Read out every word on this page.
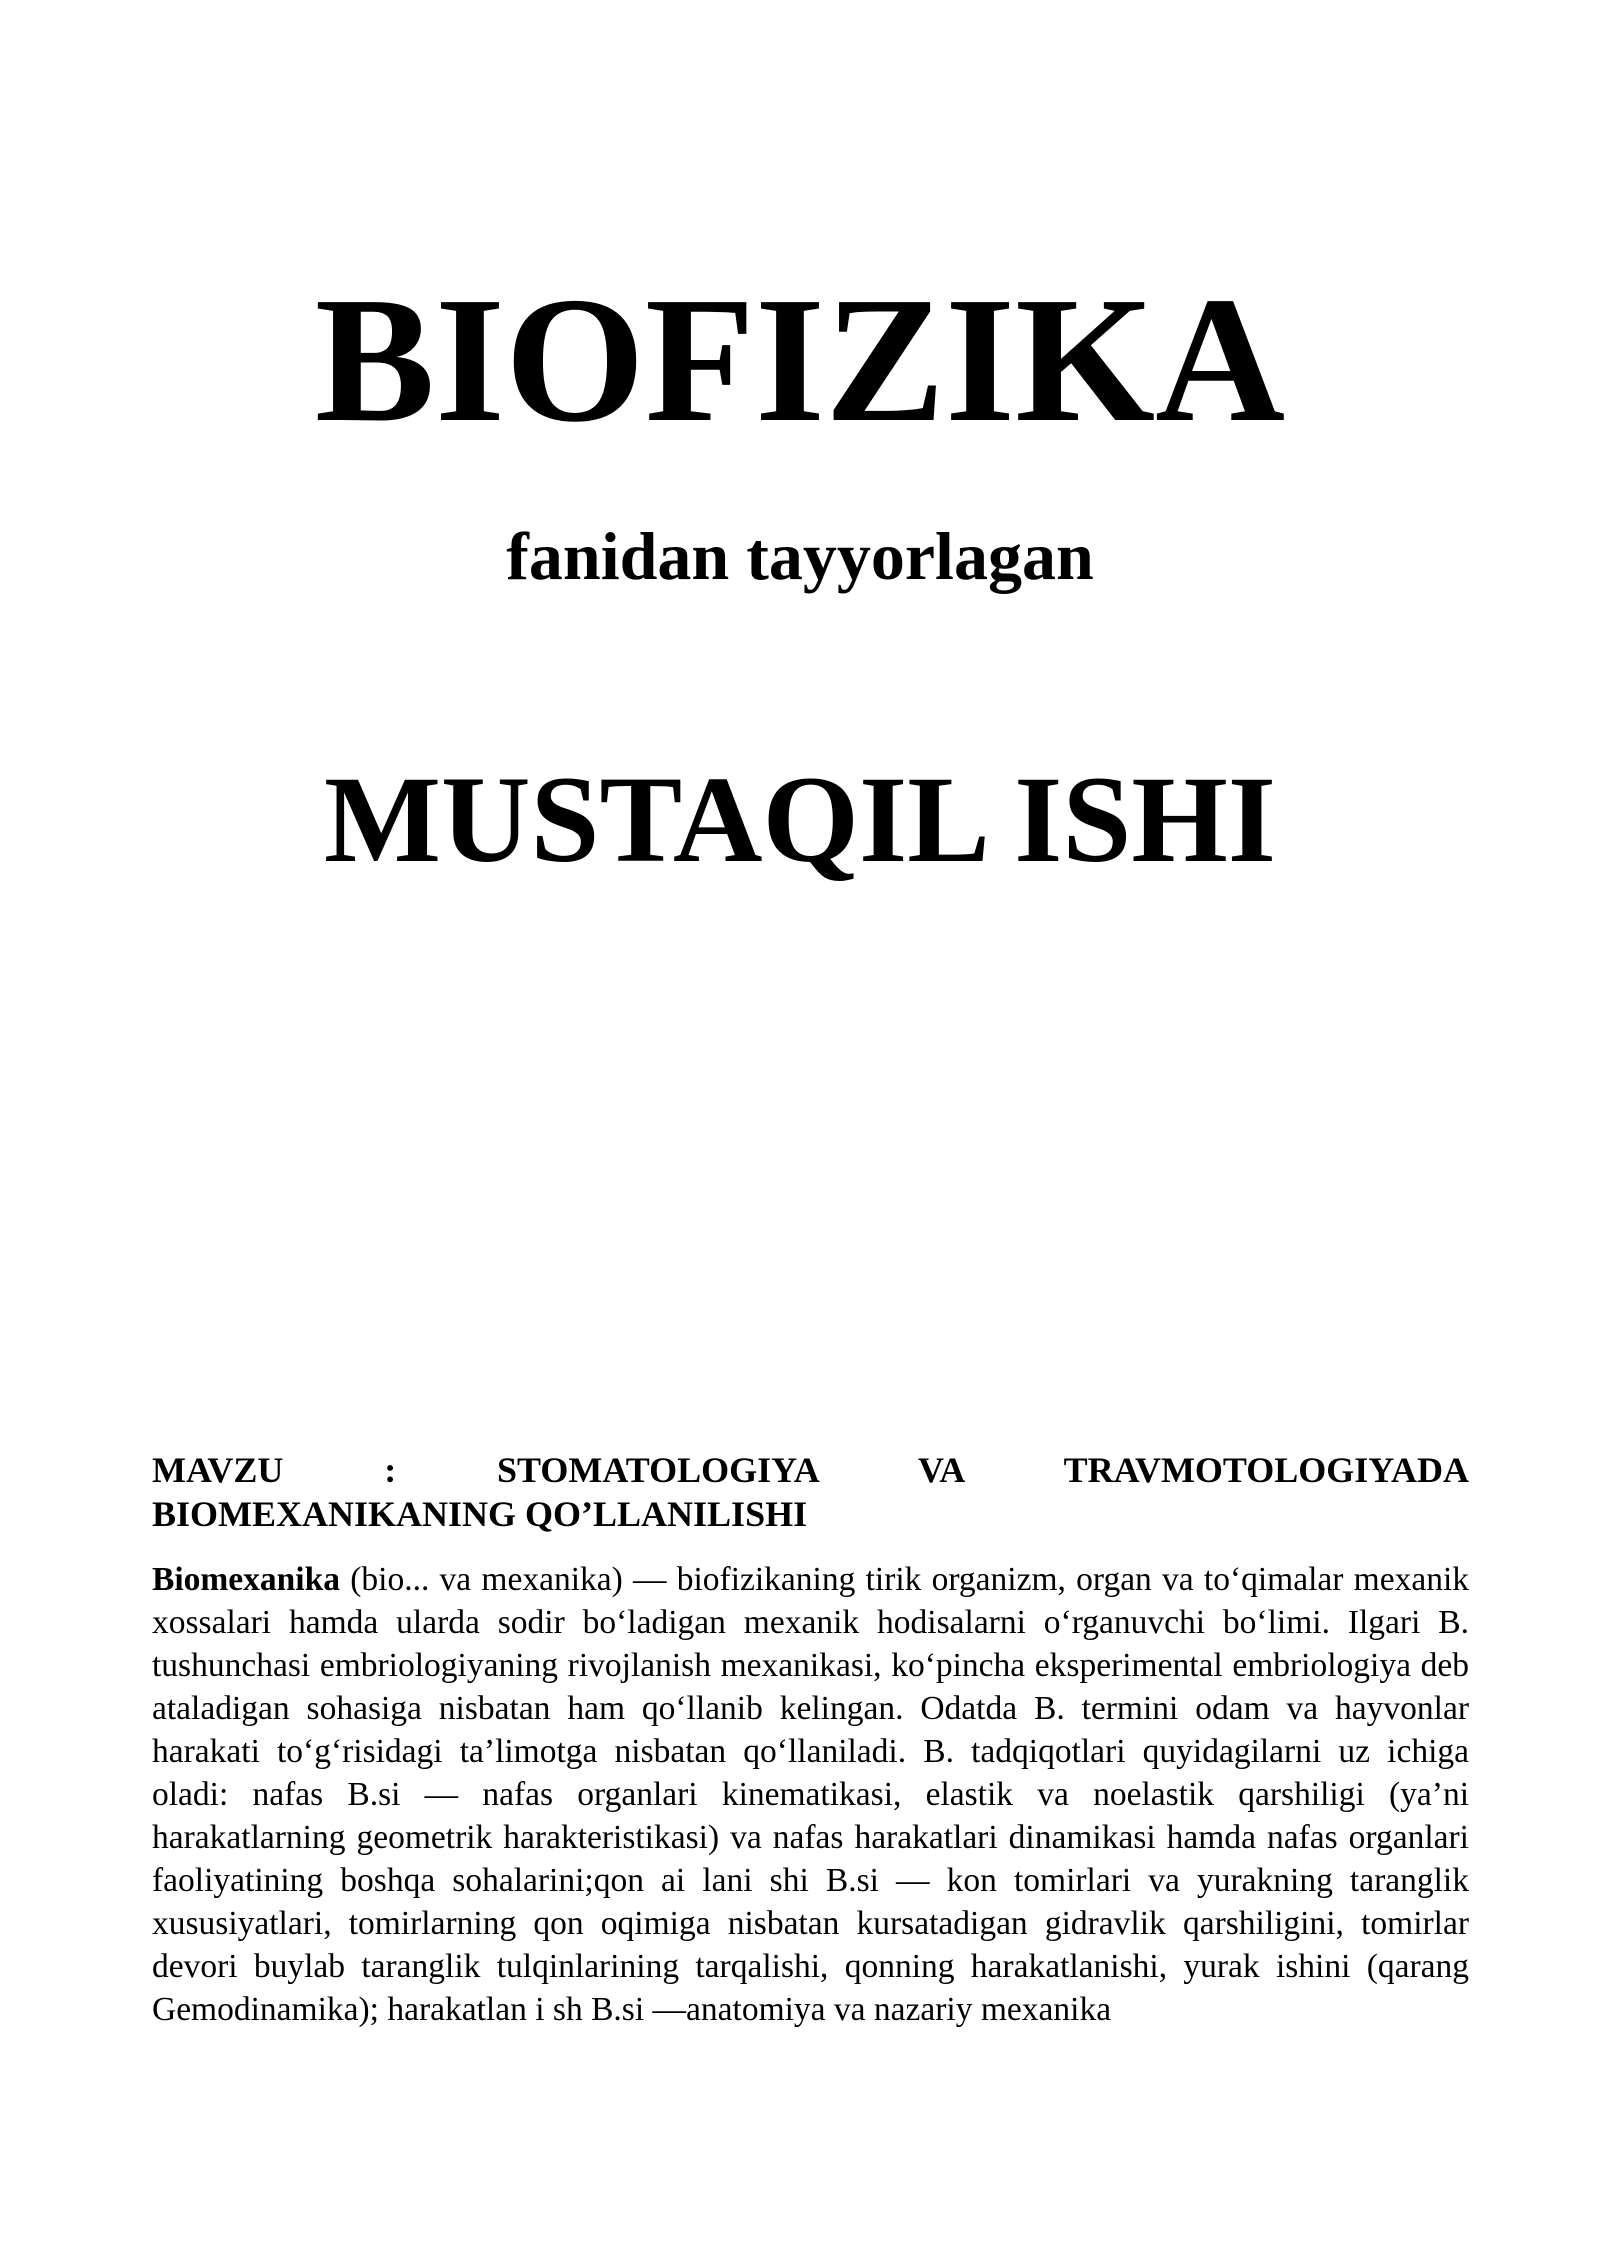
BIOFIZIKA
fanidan tayyorlagan
MUSTAQIL ISHI
MAVZU : STOMATOLOGIYA VA TRAVMOTOLOGIYADA
BIOMEXANIKANING QO’LLANILISHI

Biomexanika (bio... va mexanika) — biofizikaning tirik organizm, organ va to‘qimalar mexanik xossalari hamda ularda sodir bo‘ladigan mexanik hodisalarni o‘rganuvchi bo‘limi. Ilgari B. tushunchasi embriologiyaning rivojlanish mexanikasi, ko‘pincha eksperimental embriologiya deb ataladigan sohasiga nisbatan ham qo‘llanib kelingan. Odatda B. termini odam va hayvonlar harakati to‘g‘risidagi ta’limotga nisbatan qo‘llaniladi. B. tadqiqotlari quyidagilarni uz ichiga oladi: nafas B.si — nafas organlari kinematikasi, elastik va noelastik qarshiligi (ya’ni harakatlarning geometrik harakteristikasi) va nafas harakatlari dinamikasi hamda nafas organlari faoliyatining boshqa sohalarini;qon ai lani shi B.si — kon tomirlari va yurakning taranglik xususiyatlari, tomirlarning qon oqimiga nisbatan kursatadigan gidravlik qarshiligini, tomirlar devori buylab taranglik tulqinlarining tarqalishi, qonning harakatlanishi, yurak ishini (qarang Gemodinamika); harakatlan i sh B.si —anatomiya va nazariy mexanika
